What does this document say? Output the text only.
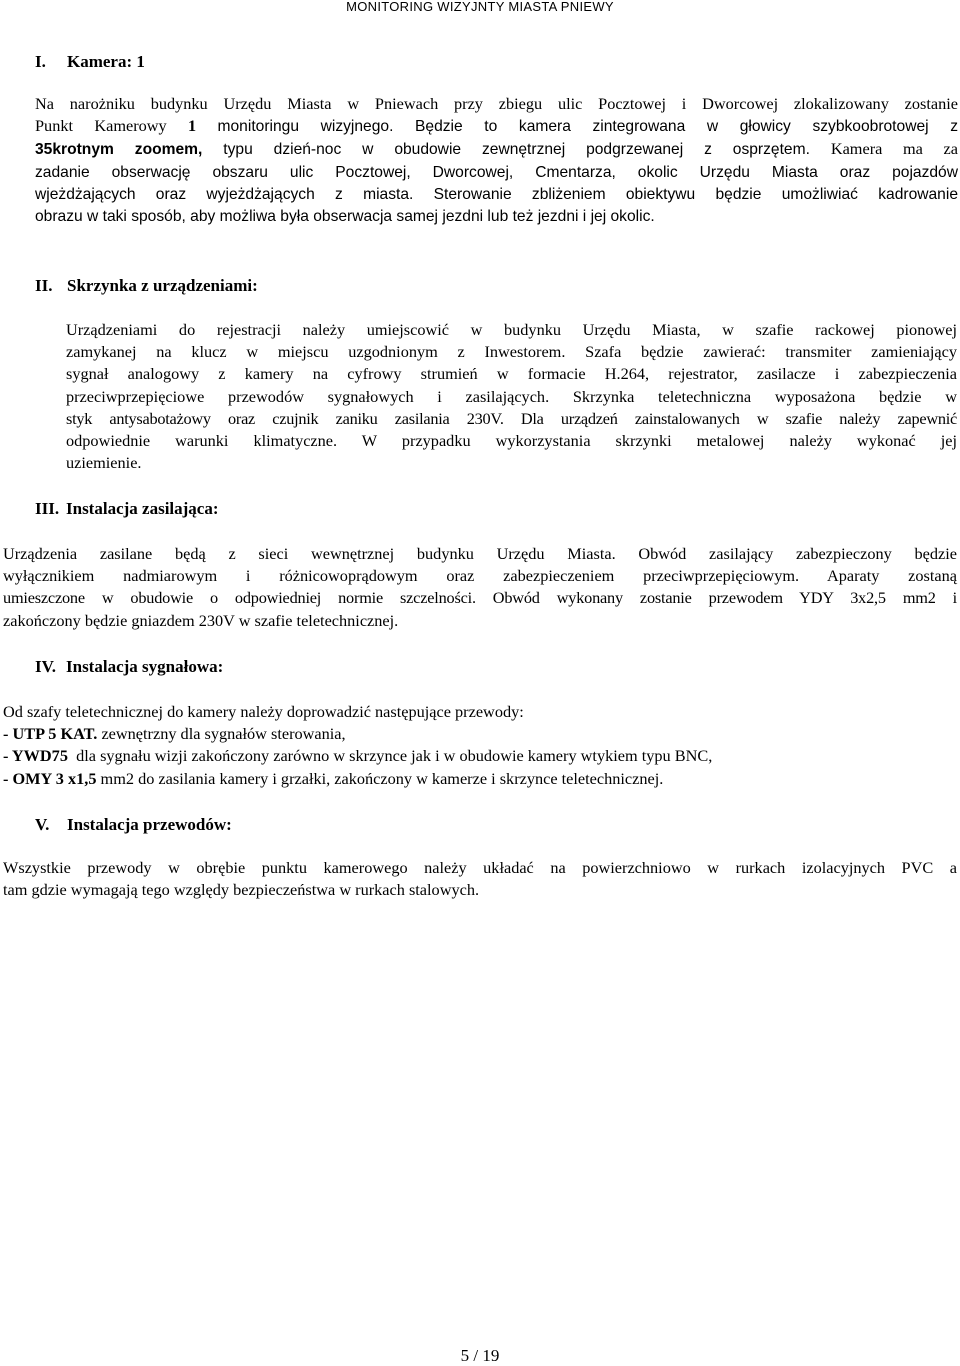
MONITORING WIZYJNTY MIASTA PNIEWY
I. Kamera: 1
Na narożniku budynku Urzędu Miasta w Pniewach przy zbiegu ulic Pocztowej i Dworcowej zlokalizowany zostanie
Punkt Kamerowy 1 monitoringu wizyjnego. Będzie to kamera zintegrowana w głowicy szybkoobrotowej z
35krotnym zoomem, typu dzień-noc w obudowie zewnętrznej podgrzewanej z osprzętem. Kamera ma za
zadanie obserwację obszaru ulic Pocztowej, Dworcowej, Cmentarza, okolic Urzędu Miasta oraz pojazdów
wjeżdżających oraz wyjeżdżających z miasta. Sterowanie zbliżeniem obiektywu będzie umożliwiać kadrowanie
obrazu w taki sposób, aby możliwa była obserwacja samej jezdni lub też jezdni i jej okolic.
II. Skrzynka z urządzeniami:
Urządzeniami do rejestracji należy umiejscowić w budynku Urzędu Miasta, w szafie rackowej pionowej
zamykanej na klucz w miejscu uzgodnionym z Inwestorem. Szafa będzie zawierać: transmiter zamieniający
sygnał analogowy z kamery na cyfrowy strumień w formacie H.264, rejestrator, zasilacze i zabezpieczenia
przeciwprzepięciowe przewodów sygnałowych i zasilających. Skrzynka teletechniczna wyposażona będzie w
styk antysabotażowy oraz czujnik zaniku zasilania 230V. Dla urządzeń zainstalowanych w szafie należy zapewnić
odpowiednie warunki klimatyczne. W przypadku wykorzystania skrzynki metalowej należy wykonać jej
uziemienie.
III. Instalacja zasilająca:
Urządzenia zasilane będą z sieci wewnętrznej budynku Urzędu Miasta. Obwód zasilający zabezpieczony będzie
wyłącznikiem nadmiarowym i różnicowoprądowym oraz zabezpieczeniem przeciwprzepięciowym. Aparaty zostaną
umieszczone w obudowie o odpowiedniej normie szczelności. Obwód wykonany zostanie przewodem YDY 3x2,5 mm2 i
zakończony będzie gniazdem 230V w szafie teletechnicznej.
IV. Instalacja sygnałowa:
Od szafy teletechnicznej do kamery należy doprowadzić następujące przewody:
- UTP 5 KAT. zewnętrzny dla sygnałów sterowania,
- YWD75  dla sygnału wizji zakończony zarówno w skrzynce jak i w obudowie kamery wtykiem typu BNC,
- OMY 3 x1,5 mm2 do zasilania kamery i grzałki, zakończony w kamerze i skrzynce teletechnicznej.
V. Instalacja przewodów:
Wszystkie przewody w obrębie punktu kamerowego należy układać na powierzchniowo w rurkach izolacyjnych PVC a
tam gdzie wymagają tego względy bezpieczeństwa w rurkach stalowych.
5 / 19
